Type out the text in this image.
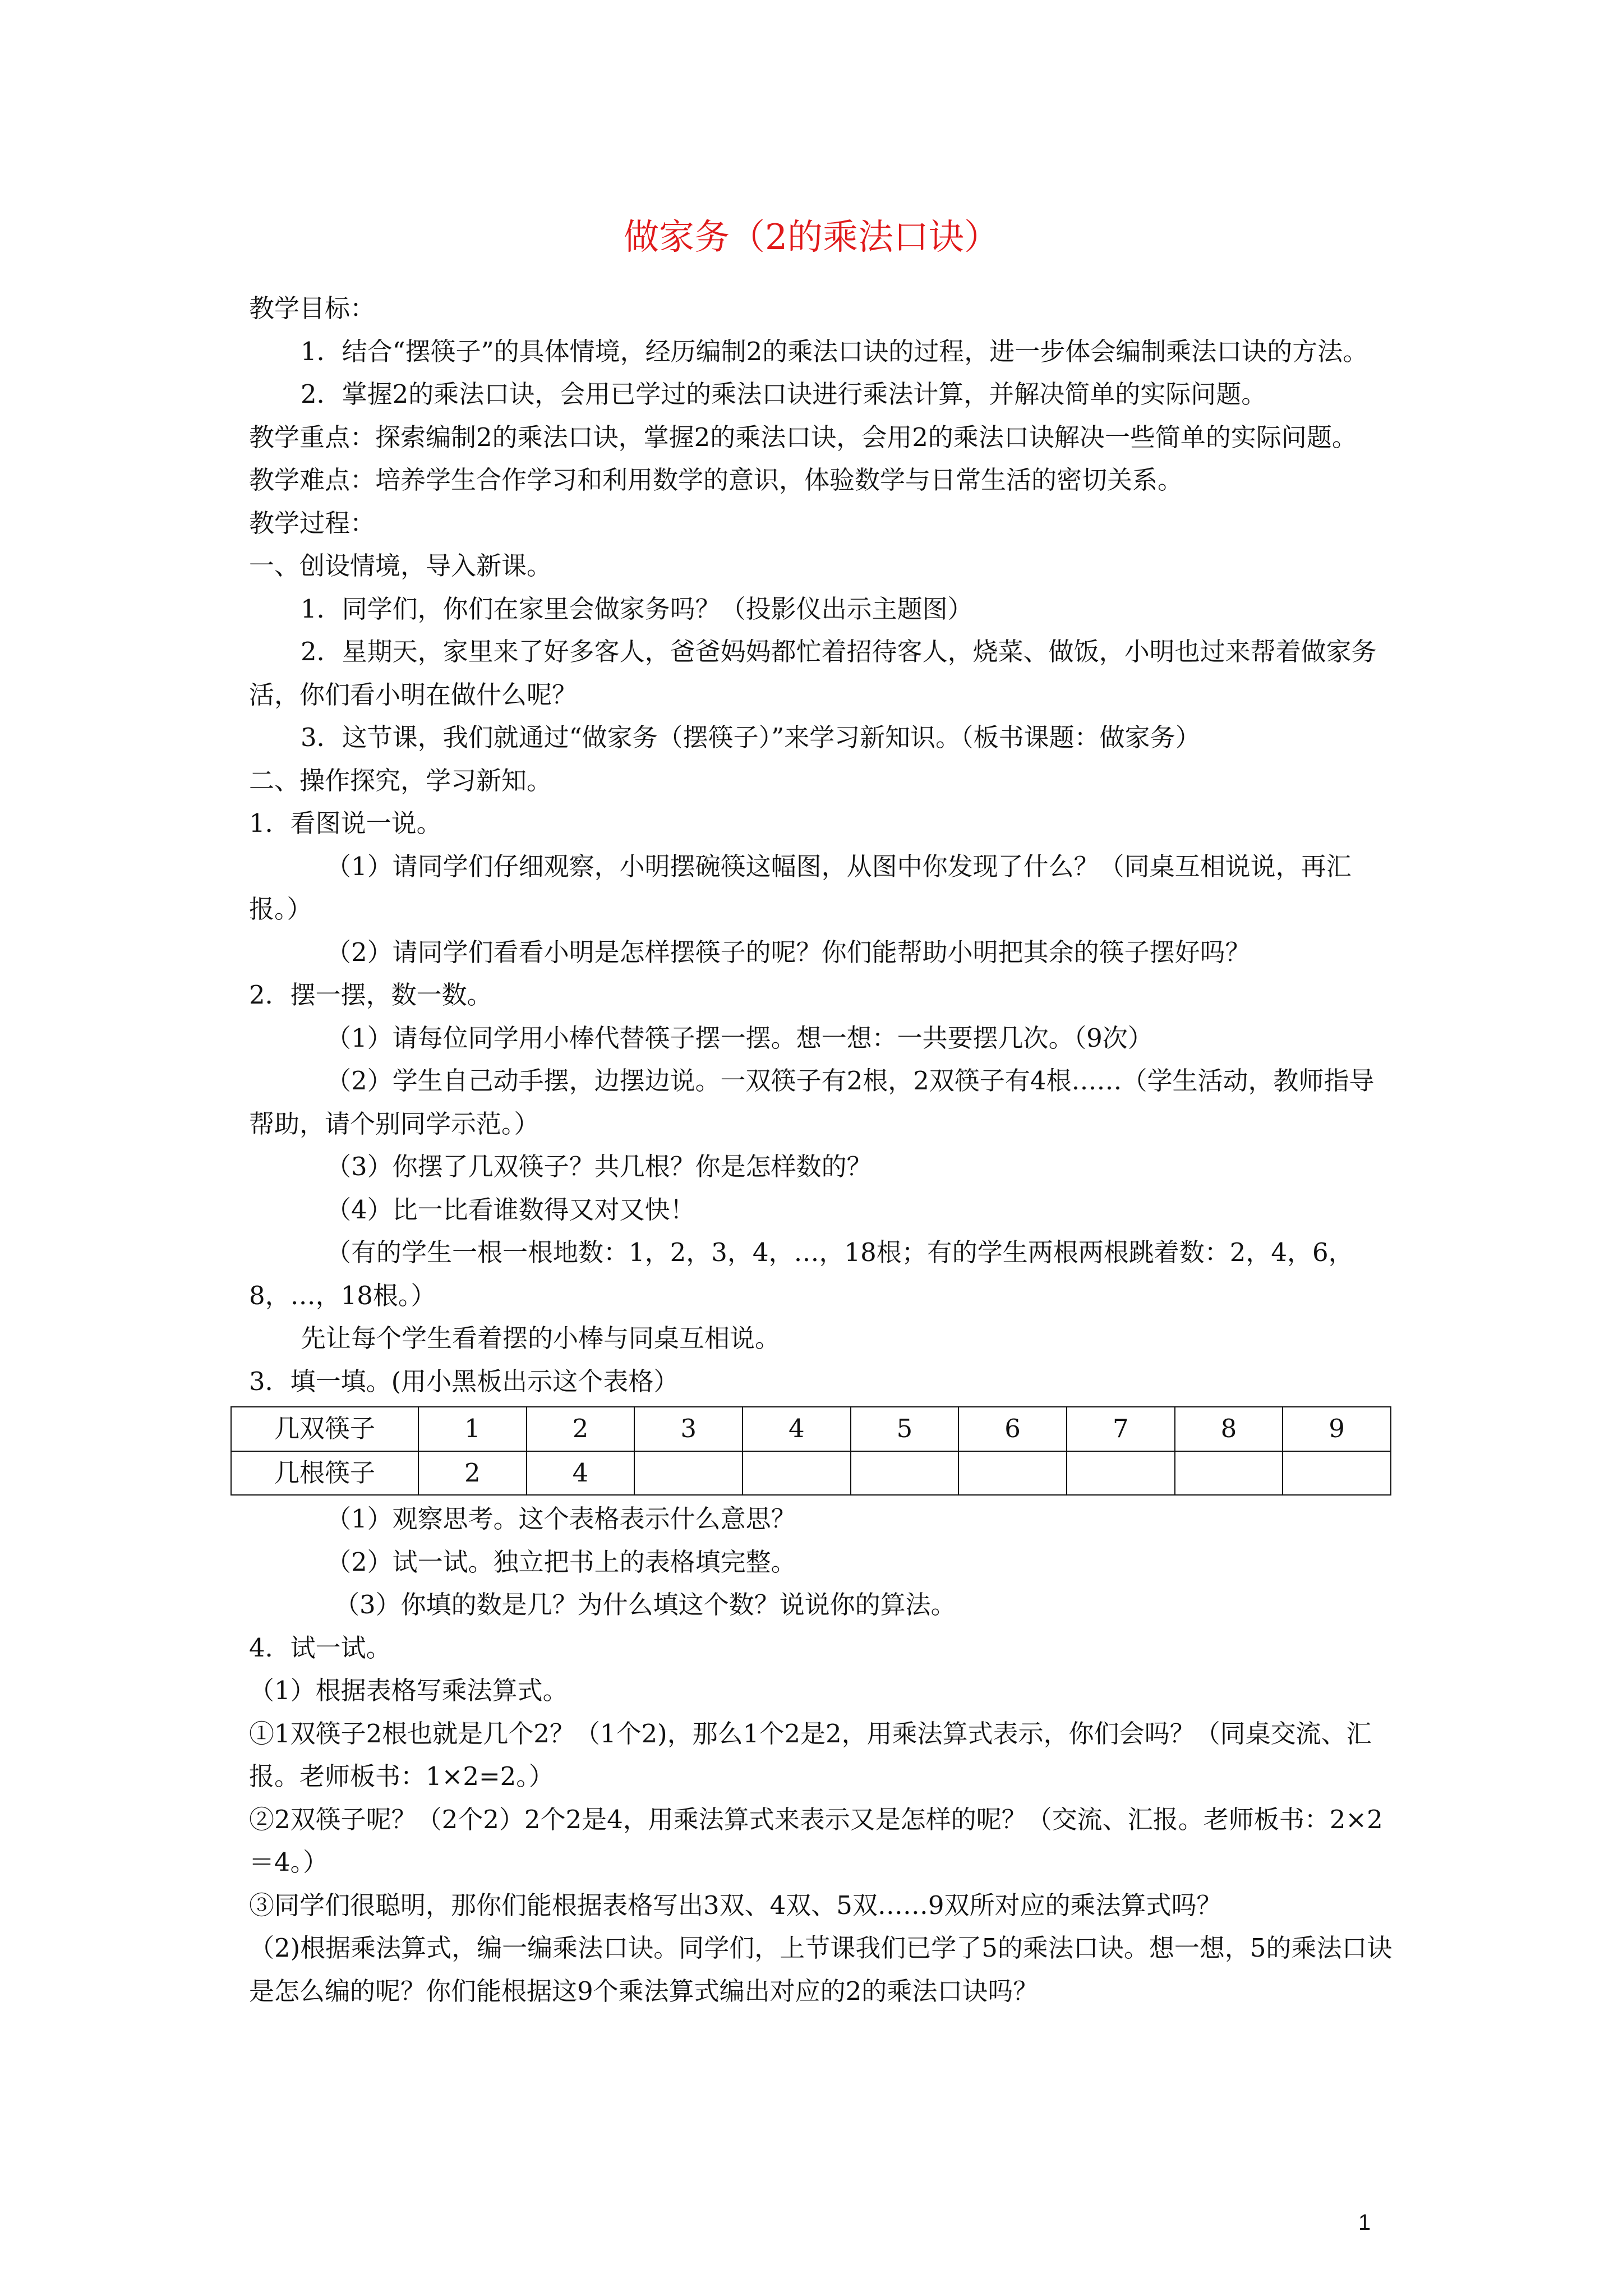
做家务（2的乘法口诀）

教学目标：

1．结合“摆筷子”的具体情境，经历编制2的乘法口诀的过程，进一步体会编制乘法口诀的方法。

2．掌握2的乘法口诀，会用已学过的乘法口诀进行乘法计算，并解决简单的实际问题。

教学重点：探索编制2的乘法口诀，掌握2的乘法口诀，会用2的乘法口诀解决一些简单的实际问题。

教学难点：培养学生合作学习和利用数学的意识，体验数学与日常生活的密切关系。

教学过程：

一、创设情境，导入新课。

1．同学们，你们在家里会做家务吗？（投影仪出示主题图）

2．星期天，家里来了好多客人，爸爸妈妈都忙着招待客人，烧菜、做饭，小明也过来帮着做家务活，你们看小明在做什么呢？

3．这节课，我们就通过“做家务（摆筷子）”来学习新知识。（板书课题：做家务）

二、操作探究，学习新知。

1．看图说一说。

（1）请同学们仔细观察，小明摆碗筷这幅图，从图中你发现了什么？（同桌互相说说，再汇报。）

（2）请同学们看看小明是怎样摆筷子的呢？你们能帮助小明把其余的筷子摆好吗？

2．摆一摆，数一数。

（1）请每位同学用小棒代替筷子摆一摆。想一想：一共要摆几次。（9次）

（2）学生自己动手摆，边摆边说。一双筷子有2根，2双筷子有4根……（学生活动，教师指导帮助，请个别同学示范。）

（3）你摆了几双筷子？共几根？你是怎样数的？

（4）比一比看谁数得又对又快！

（有的学生一根一根地数：1，2，3，4，…，18根；有的学生两根两根跳着数：2，4，6，8，…，18根。）

先让每个学生看着摆的小棒与同桌互相说。

3．填一填。(用小黑板出示这个表格）

几双筷子	1	2	3	4	5	6	7	8	9
几根筷子	2	4							

（1）观察思考。这个表格表示什么意思？

（2）试一试。独立把书上的表格填完整。

（3）你填的数是几？为什么填这个数？说说你的算法。

4．试一试。

（1）根据表格写乘法算式。

①1双筷子2根也就是几个2？（1个2)，那么1个2是2，用乘法算式表示，你们会吗？（同桌交流、汇报。老师板书：1×2=2。）

②2双筷子呢？（2个2）2个2是4，用乘法算式来表示又是怎样的呢？（交流、汇报。老师板书：2×2＝4。）

③同学们很聪明，那你们能根据表格写出3双、4双、5双……9双所对应的乘法算式吗？

（2)根据乘法算式，编一编乘法口诀。同学们，上节课我们已学了5的乘法口诀。想一想，5的乘法口诀是怎么编的呢？你们能根据这9个乘法算式编出对应的2的乘法口诀吗？

1
